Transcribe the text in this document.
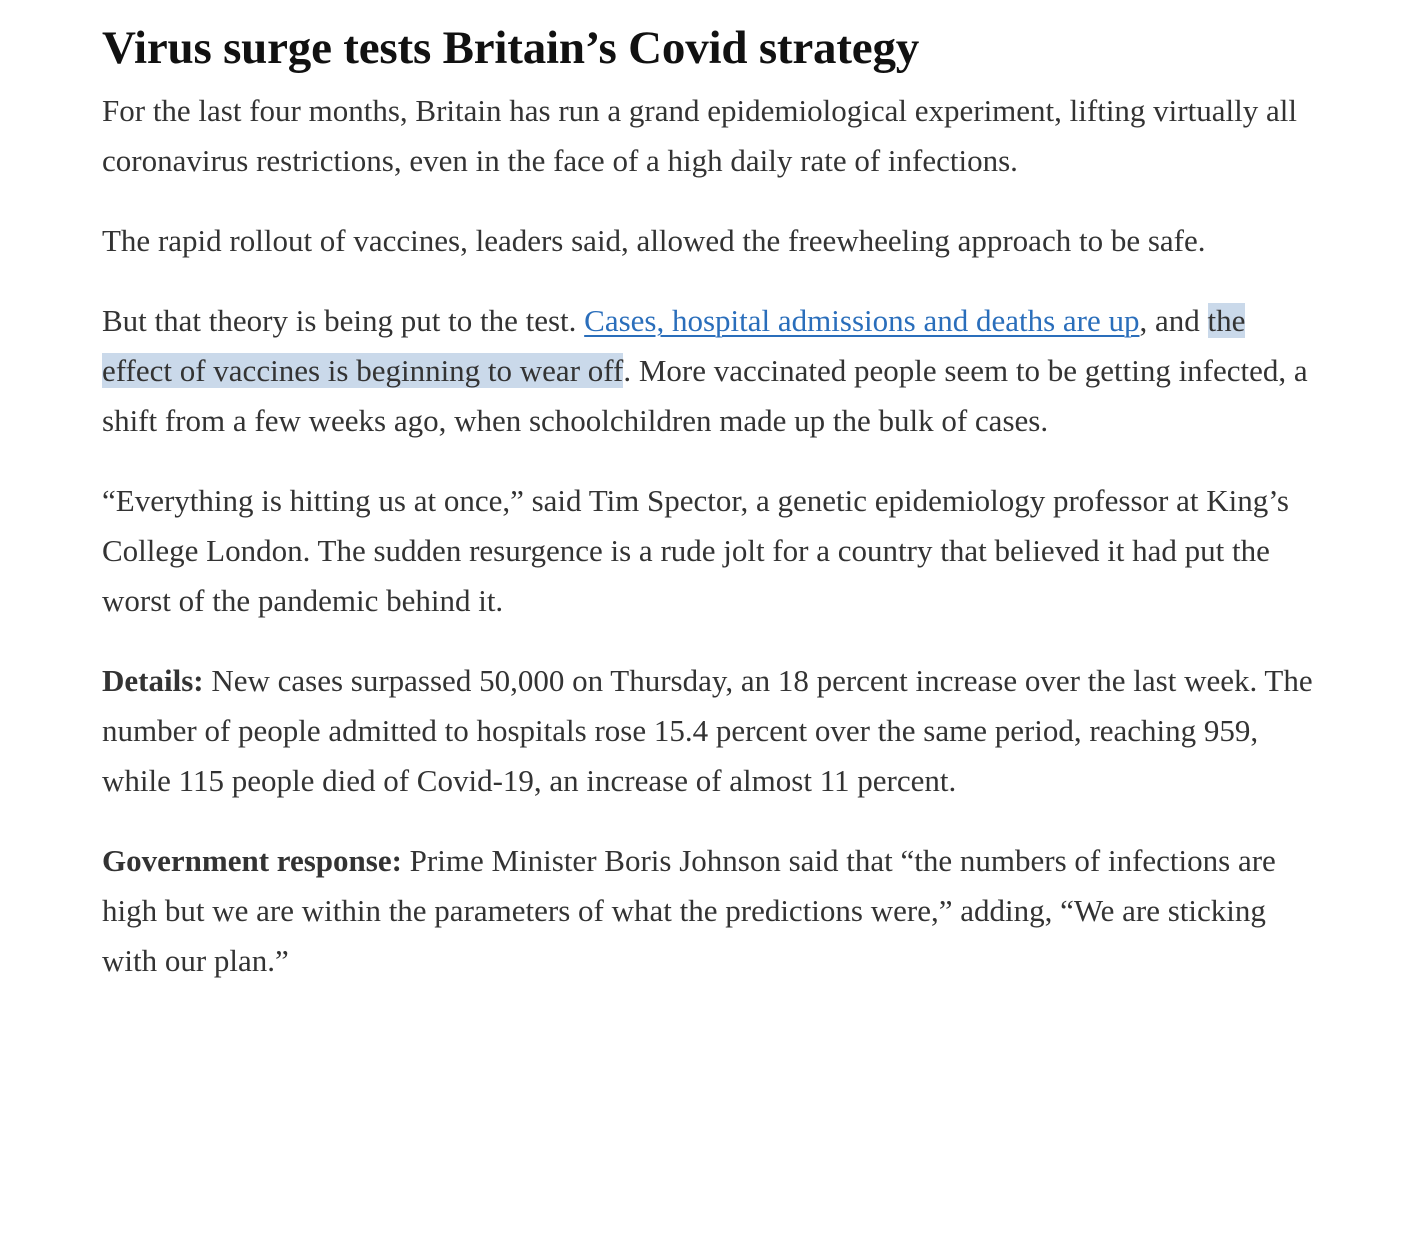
Virus surge tests Britain’s Covid strategy

For the last four months, Britain has run a grand epidemiological experiment, lifting virtually all coronavirus restrictions, even in the face of a high daily rate of infections.

The rapid rollout of vaccines, leaders said, allowed the freewheeling approach to be safe.

But that theory is being put to the test. Cases, hospital admissions and deaths are up, and the effect of vaccines is beginning to wear off. More vaccinated people seem to be getting infected, a shift from a few weeks ago, when schoolchildren made up the bulk of cases.

“Everything is hitting us at once,” said Tim Spector, a genetic epidemiology professor at King’s College London. The sudden resurgence is a rude jolt for a country that believed it had put the worst of the pandemic behind it.

Details: New cases surpassed 50,000 on Thursday, an 18 percent increase over the last week. The number of people admitted to hospitals rose 15.4 percent over the same period, reaching 959, while 115 people died of Covid-19, an increase of almost 11 percent.

Government response: Prime Minister Boris Johnson said that “the numbers of infections are high but we are within the parameters of what the predictions were,” adding, “We are sticking with our plan.”
